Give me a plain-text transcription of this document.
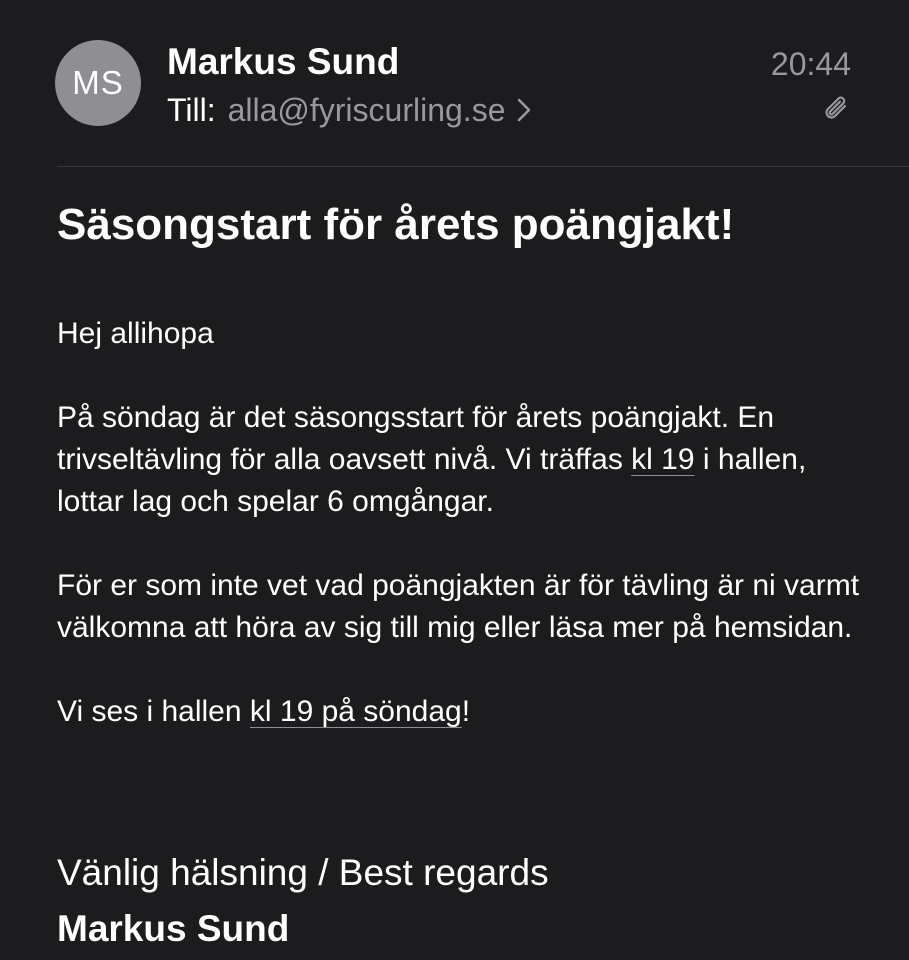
MS
Markus Sund
Till: alla@fyriscurling.se
20:44
Säsongstart för årets poängjakt!

Hej allihopa

På söndag är det säsongsstart för årets poängjakt. En trivseltävling för alla oavsett nivå. Vi träffas kl 19 i hallen, lottar lag och spelar 6 omgångar.

För er som inte vet vad poängjakten är för tävling är ni varmt välkomna att höra av sig till mig eller läsa mer på hemsidan.

Vi ses i hallen kl 19 på söndag!

Vänlig hälsning / Best regards
Markus Sund
